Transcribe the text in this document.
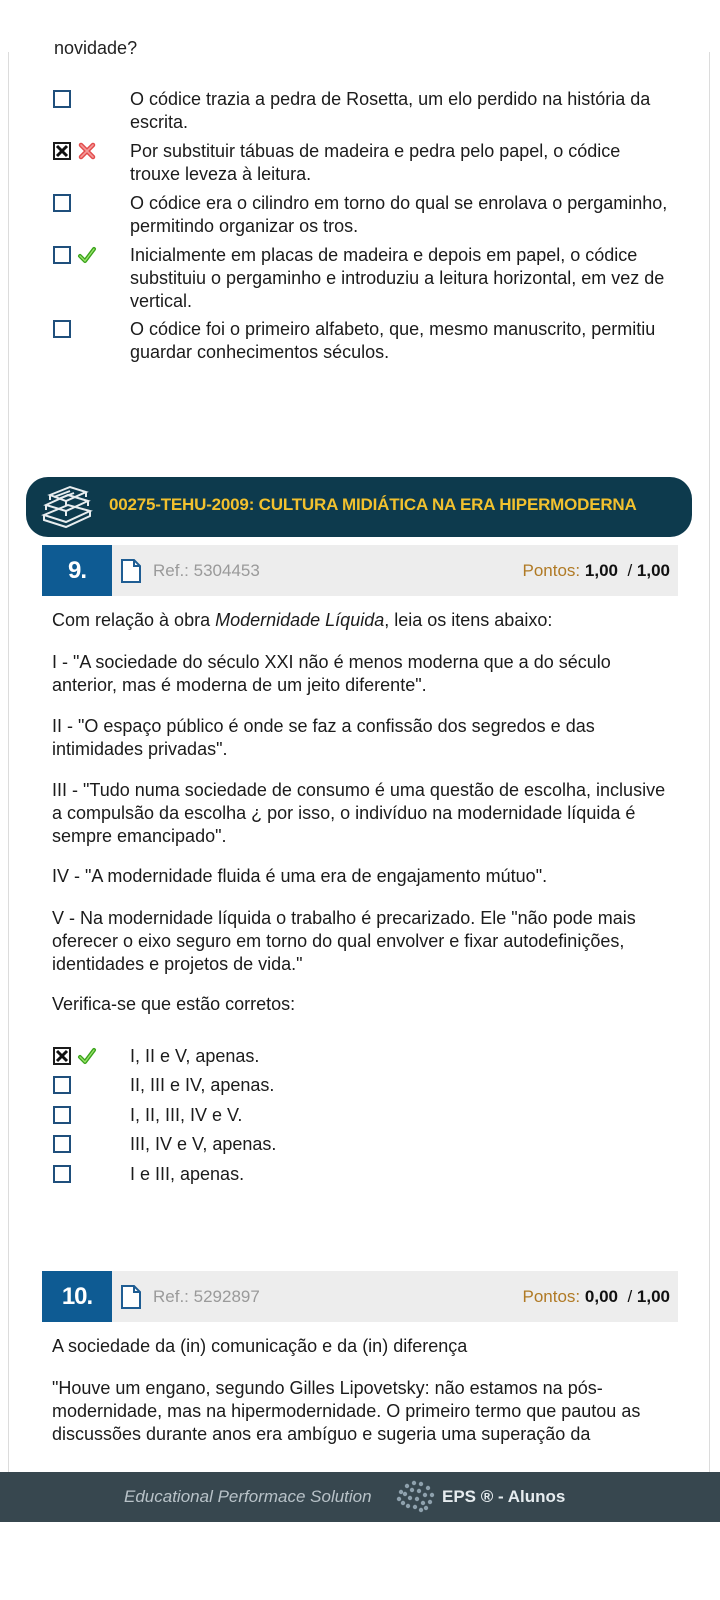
novidade?
O códice trazia a pedra de Rosetta, um elo perdido na história da escrita.
Por substituir tábuas de madeira e pedra pelo papel, o códice trouxe leveza à leitura.
O códice era o cilindro em torno do qual se enrolava o pergaminho, permitindo organizar os tros.
Inicialmente em placas de madeira e depois em papel, o códice substituiu o pergaminho e introduziu a leitura horizontal, em vez de vertical.
O códice foi o primeiro alfabeto, que, mesmo manuscrito, permitiu guardar conhecimentos séculos.
00275-TEHU-2009: CULTURA MIDIÁTICA NA ERA HIPERMODERNA
9.	Ref.: 5304453	Pontos: 1,00 / 1,00
Com relação à obra Modernidade Líquida, leia os itens abaixo:
I - "A sociedade do século XXI não é menos moderna que a do século anterior, mas é moderna de um jeito diferente".
II - "O espaço público é onde se faz a confissão dos segredos e das intimidades privadas".
III - "Tudo numa sociedade de consumo é uma questão de escolha, inclusive a compulsão da escolha ¿ por isso, o indivíduo na modernidade líquida é sempre emancipado".
IV - "A modernidade fluida é uma era de engajamento mútuo".
V - Na modernidade líquida o trabalho é precarizado. Ele "não pode mais oferecer o eixo seguro em torno do qual envolver e fixar autodefinições, identidades e projetos de vida."
Verifica-se que estão corretos:
I, II e V, apenas.
II, III e IV, apenas.
I, II, III, IV e V.
III, IV e V, apenas.
I e III, apenas.
10.	Ref.: 5292897	Pontos: 0,00 / 1,00
A sociedade da (in) comunicação e da (in) diferença
"Houve um engano, segundo Gilles Lipovetsky: não estamos na pós-modernidade, mas na hipermodernidade. O primeiro termo que pautou as discussões durante anos era ambíguo e sugeria uma superação da
Educational Performace Solution	EPS ® - Alunos
